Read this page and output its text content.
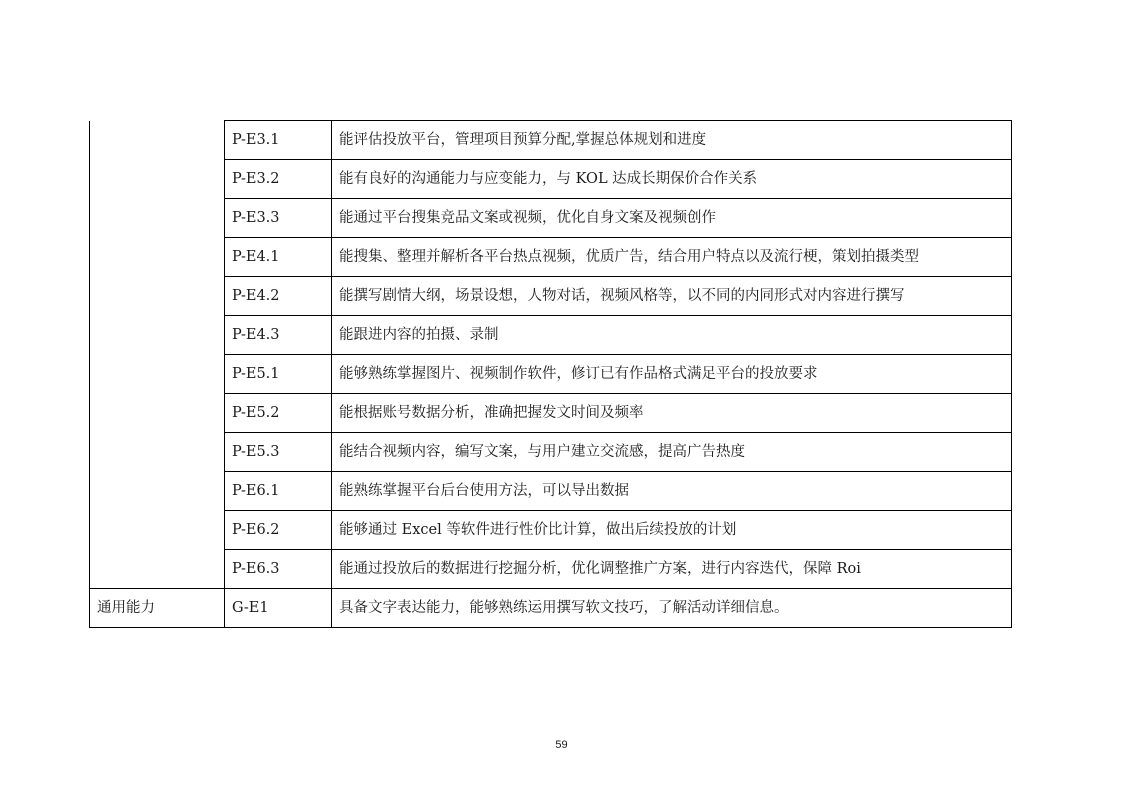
	P-E3.1	能评估投放平台，管理项目预算分配,掌握总体规划和进度
	P-E3.2	能有良好的沟通能力与应变能力，与 KOL 达成长期保价合作关系
	P-E3.3	能通过平台搜集竞品文案或视频，优化自身文案及视频创作
	P-E4.1	能搜集、整理并解析各平台热点视频，优质广告，结合用户特点以及流行梗，策划拍摄类型
	P-E4.2	能撰写剧情大纲，场景设想，人物对话，视频风格等，以不同的内同形式对内容进行撰写
	P-E4.3	能跟进内容的拍摄、录制
	P-E5.1	能够熟练掌握图片、视频制作软件，修订已有作品格式满足平台的投放要求
	P-E5.2	能根据账号数据分析，准确把握发文时间及频率
	P-E5.3	能结合视频内容，编写文案，与用户建立交流感，提高广告热度
	P-E6.1	能熟练掌握平台后台使用方法，可以导出数据
	P-E6.2	能够通过 Excel 等软件进行性价比计算，做出后续投放的计划
	P-E6.3	能通过投放后的数据进行挖掘分析，优化调整推广方案，进行内容迭代，保障 Roi
通用能力	G-E1	具备文字表达能力，能够熟练运用撰写软文技巧，了解活动详细信息。
59
